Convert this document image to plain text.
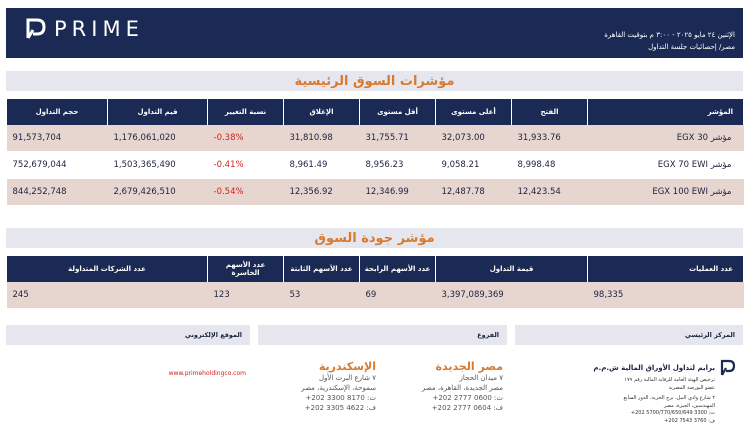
PRIME	الإثنين ٢٤ مايو ٢٠٢٥ - ٣:٠٠ م بتوقيت القاهرة
مصر/ إحصائيات جلسة التداول
مؤشرات السوق الرئيسية
المؤشر	الفتح	أعلى مستوى	أقل مستوى	الإغلاق	نسبة التغيير	قيم التداول	حجم التداول
مؤشر EGX 30	31,933.76	32,073.00	31,755.71	31,810.98	-0.38%	1,176,061,020	91,573,704
مؤشر EGX 70 EWI	8,998.48	9,058.21	8,956.23	8,961.49	-0.41%	1,503,365,490	752,679,044
مؤشر EGX 100 EWI	12,423.54	12,487.78	12,346.99	12,356.92	-0.54%	2,679,426,510	844,252,748
مؤشر جودة السوق
عدد العمليات	قيمة التداول	عدد الأسهم الرابحة	عدد الأسهم الثابتة	عدد الأسهم الخاسرة	عدد الشركات المتداولة
98,335	3,397,089,369	69	53	123	245
المركز الرئيسي
برايم لتداول الأوراق المالية ش.م.م
ترخيص الهيئة العامة للرقابة المالية رقم ١٧٩
عضو البورصة المصرية
٢ شارع وادي النيل، برج الحرية، الدور السابع
المهندسين، الجيزة، مصر
ت: 3300 5700/770/650/649 202+
ف: 3760 7543 202+
الفروع
مصر الجديدة
٧ ميدان الحجاز
مصر الجديدة، القاهرة، مصر
ت: 0600 2777 202+
ف: 0604 2777 202+
الإسكندرية
٧ شارع البرت الأول
سموحة، الإسكندرية، مصر
ت: 8170 3300 202+
ف: 4622 3305 202+
الموقع الإلكتروني
www.primeholdingco.com
